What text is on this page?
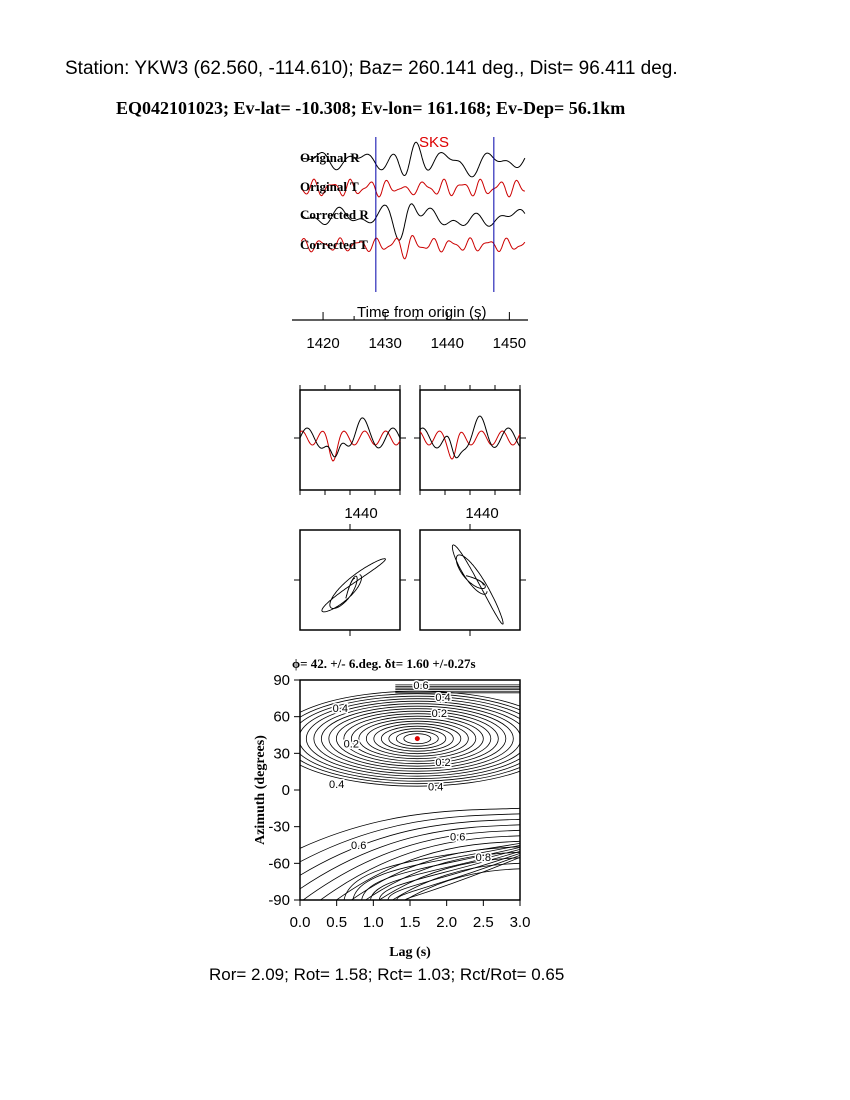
Station: YKW3 (62.560, -114.610); Baz= 260.141 deg., Dist= 96.411 deg.
EQ042101023; Ev-lat= -10.308; Ev-lon= 161.168; Ev-Dep= 56.1km
SKS
Original R
Original T
Corrected R
Corrected T
Time from origin (s)
1420 1430 1440 1450
1440	1440
ϕ= 42. +/- 6.deg. δt= 1.60 +/-0.27s
0.0 0.5 1.0 1.5 2.0 2.5 3.0
90
60
30
0
-30
-60
-90
0.6
0.4
0.2
0.4
0.2
0.2
0.4	0.4
0.6
0.6
0.8
Lag (s)
Azimuth (degrees)
Ror= 2.09; Rot= 1.58; Rct= 1.03; Rct/Rot= 0.65
